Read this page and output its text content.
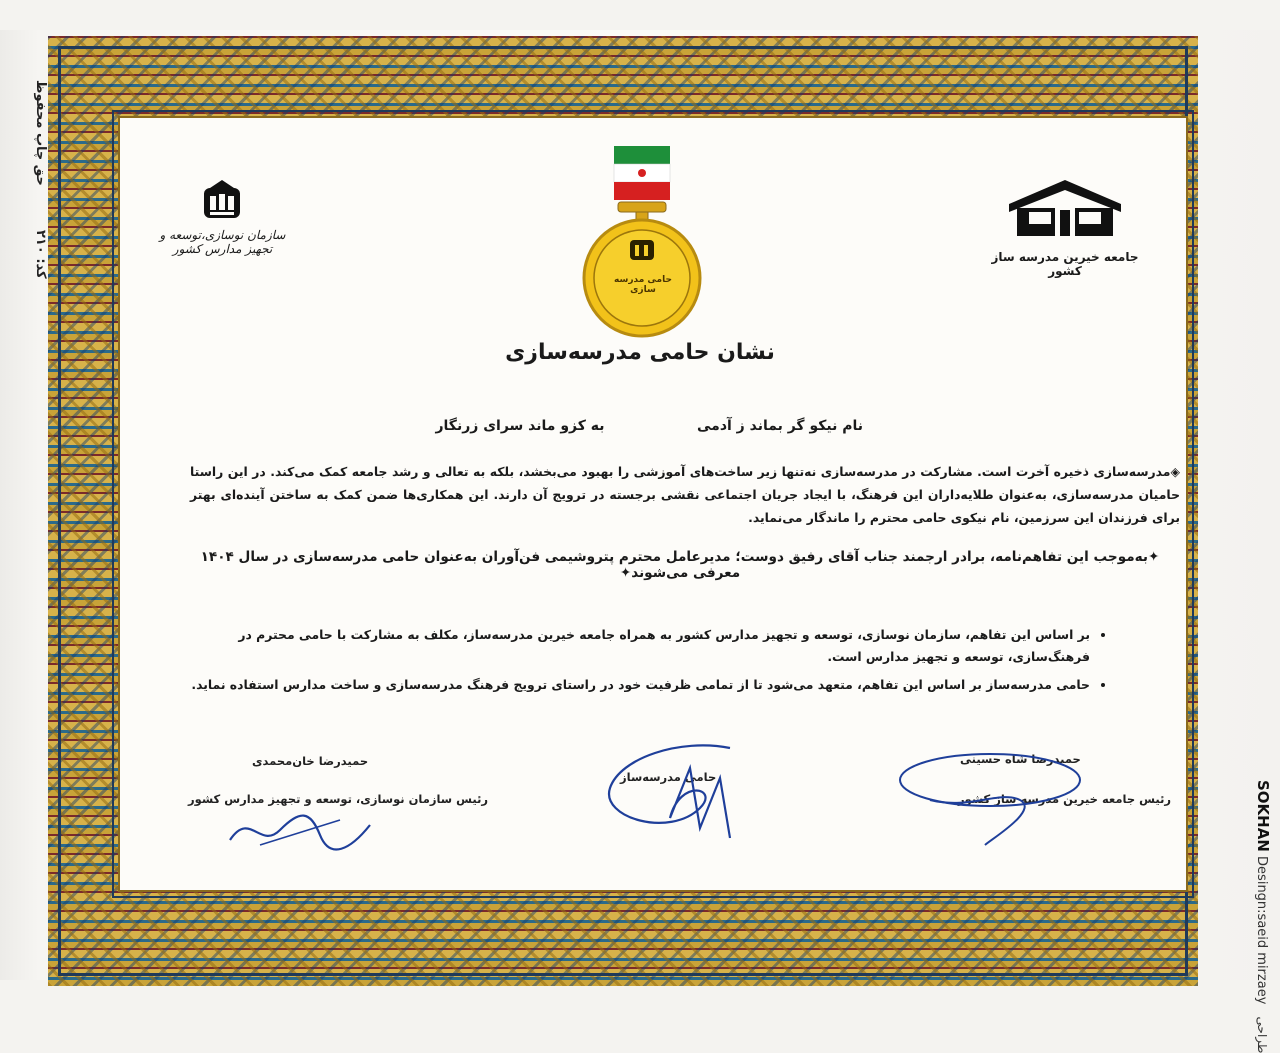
حق چاپ محفوظ
کد: ۲۱۰
SOKHAN Desingn:saeid mirzaey طراحی
جامعه خیرین مدرسه ساز کشور
سازمان نوسازی،توسعه و تجهیز مدارس کشور
حامی مدرسه سازی
نشان حامی مدرسه‌سازی
نام نیکو گر بماند ز آدمی
به کزو ماند سرای زرنگار
◈مدرسه‌سازی ذخیره آخرت است. مشارکت در مدرسه‌سازی نه‌تنها زیر ساخت‌های آموزشی را بهبود می‌بخشد، بلکه به تعالی و رشد جامعه کمک می‌کند. در این راستا حامیان مدرسه‌سازی، به‌عنوان طلایه‌داران این فرهنگ، با ایجاد جریان اجتماعی نقشی برجسته در ترویج آن دارند. این همکاری‌ها ضمن کمک به ساختن آینده‌ای بهتر برای فرزندان این سرزمین، نام نیکوی حامی محترم را ماندگار می‌نماید.
✦به‌موجب این تفاهم‌نامه، برادر ارجمند جناب آقای رفیق دوست؛ مدیرعامل محترم پتروشیمی فن‌آوران به‌عنوان حامی مدرسه‌سازی در سال ۱۴۰۴ معرفی می‌شوند✦
• بر اساس این تفاهم، سازمان نوسازی، توسعه و تجهیز مدارس کشور به همراه جامعه خیرین مدرسه‌ساز، مکلف به مشارکت با حامی محترم در فرهنگ‌سازی، توسعه و تجهیز مدارس است.
• حامی مدرسه‌ساز بر اساس این تفاهم، متعهد می‌شود تا از تمامی ظرفیت خود در راستای ترویج فرهنگ مدرسه‌سازی و ساخت مدارس استفاده نماید.
حمیدرضا خان‌محمدی
رئیس سازمان نوسازی، توسعه و تجهیز مدارس کشور
حامی مدرسه‌ساز
حمیدرضا شاه حسینی
رئیس جامعه خیرین مدرسه ساز کشور
